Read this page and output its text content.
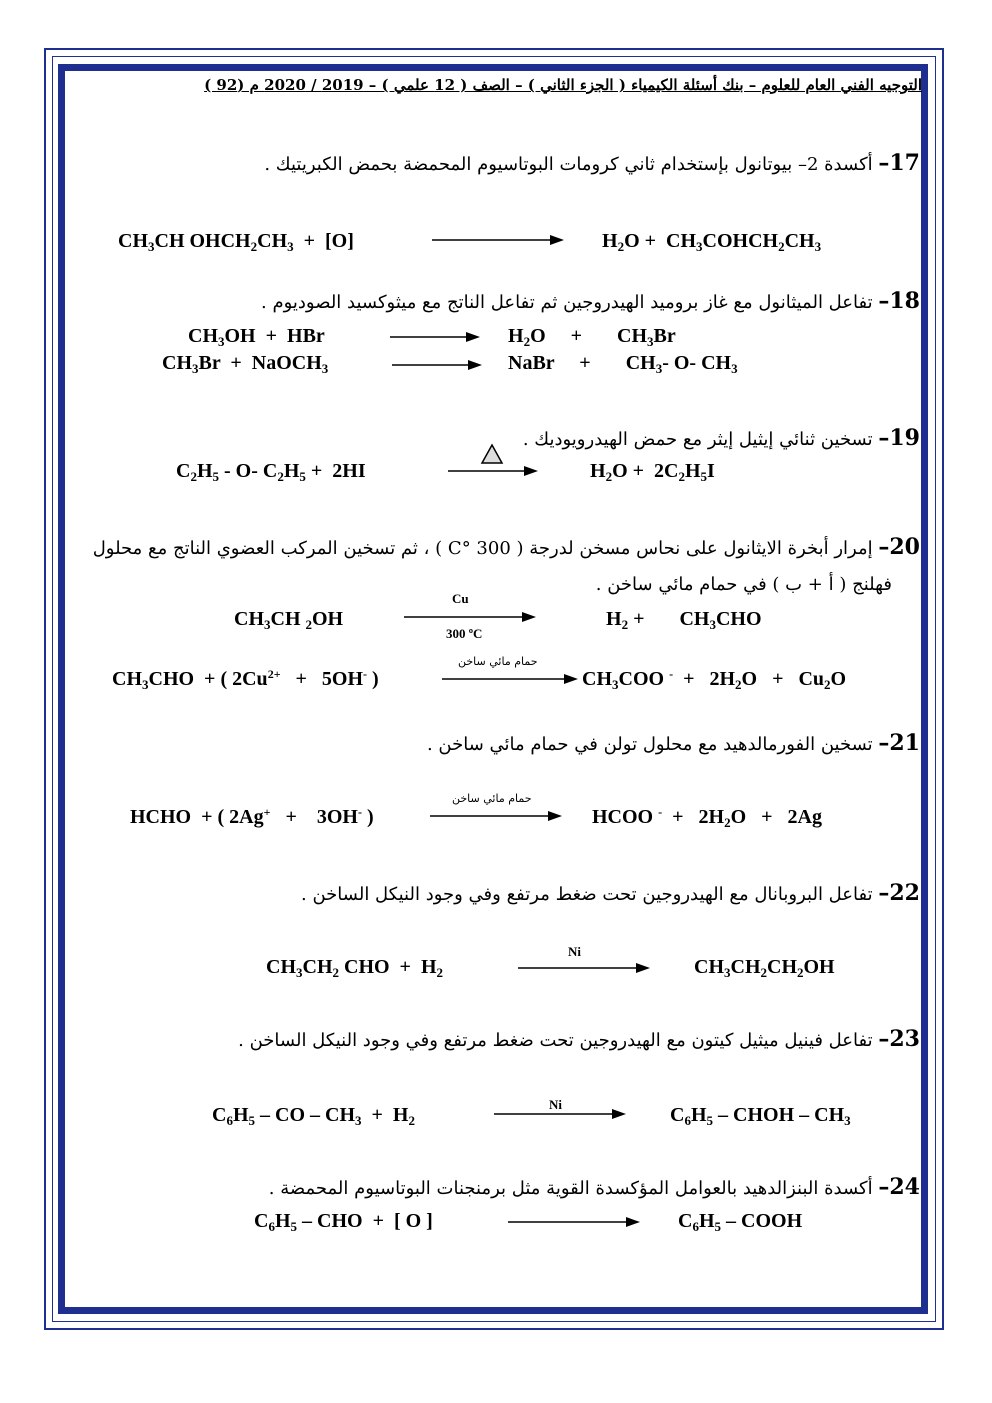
التوجيه الفني العام للعلوم – بنك أسئلة الكيمياء ( الجزء الثاني ) – الصف ( 12 علمي ) – 2019 / 2020 م (92 )
17– أكسدة 2– بيوتانول بإستخدام ثاني كرومات البوتاسيوم المحمضة بحمض الكبريتيك .
$CH_3CH$ $OHCH_2CH_3 + [O]$	$H_2O$ +  $CH_3COHCH_2CH_3$
18– تفاعل الميثانول مع غاز بروميد الهيدروجين ثم تفاعل الناتج مع ميثوكسيد الصوديوم .
$CH_3OH$  +  HBr	$H_2O$     +       $CH_3Br$
$CH_3Br$  +  NaOCH$_3$	NaBr     +       $CH_3-$ O- $CH_3$
19– تسخين ثنائي إيثيل إيثر مع حمض الهيدرويوديك .
$C_2H_5 - O-$ $C_2H_5 + 2HI$	$H_2O + 2C_2H_5I$
20– إمرار أبخرة الايثانول على نحاس مسخن لدرجة ( 300 °C ) ، ثم تسخين المركب العضوي الناتج مع محلول
فهلنج ( أ + ب ) في حمام مائي ساخن .
$CH_3CH$ $_2$OH
Cu
300 ºC
$H_2$ +       $CH_3CHO$
$CH_3CHO$  + ( $2Cu^{2+} + 5OH^-$ )
حمام مائي ساخن
$CH_3COO$ $^- + 2H_2O + Cu_2O$
21– تسخين الفورمالدهيد مع محلول تولن في حمام مائي ساخن .
حمام مائي ساخن
HCHO  + ( 2Ag+   +    3OH- )	HCOO $^- + 2H_2O + 2Ag$
22– تفاعل البروبانال مع الهيدروجين تحت ضغط مرتفع وفي وجود النيكل الساخن .
$CH_3CH_2$ CHO  +  $H_2$
Ni
$CH_3CH_2CH_2OH$
23– تفاعل فينيل ميثيل كيتون مع الهيدروجين تحت ضغط مرتفع وفي وجود النيكل الساخن .
$C_6H_5$ – CO – $CH_3 + H_2$
Ni	$C_6H_5$ – CHOH – $CH_3$
24– أكسدة البنزالدهيد بالعوامل المؤكسدة القوية مثل برمنجنات البوتاسيوم المحمضة .
$C_6H_5$ – CHO  +  [ O ]	$C_6H_5$ – COOH
